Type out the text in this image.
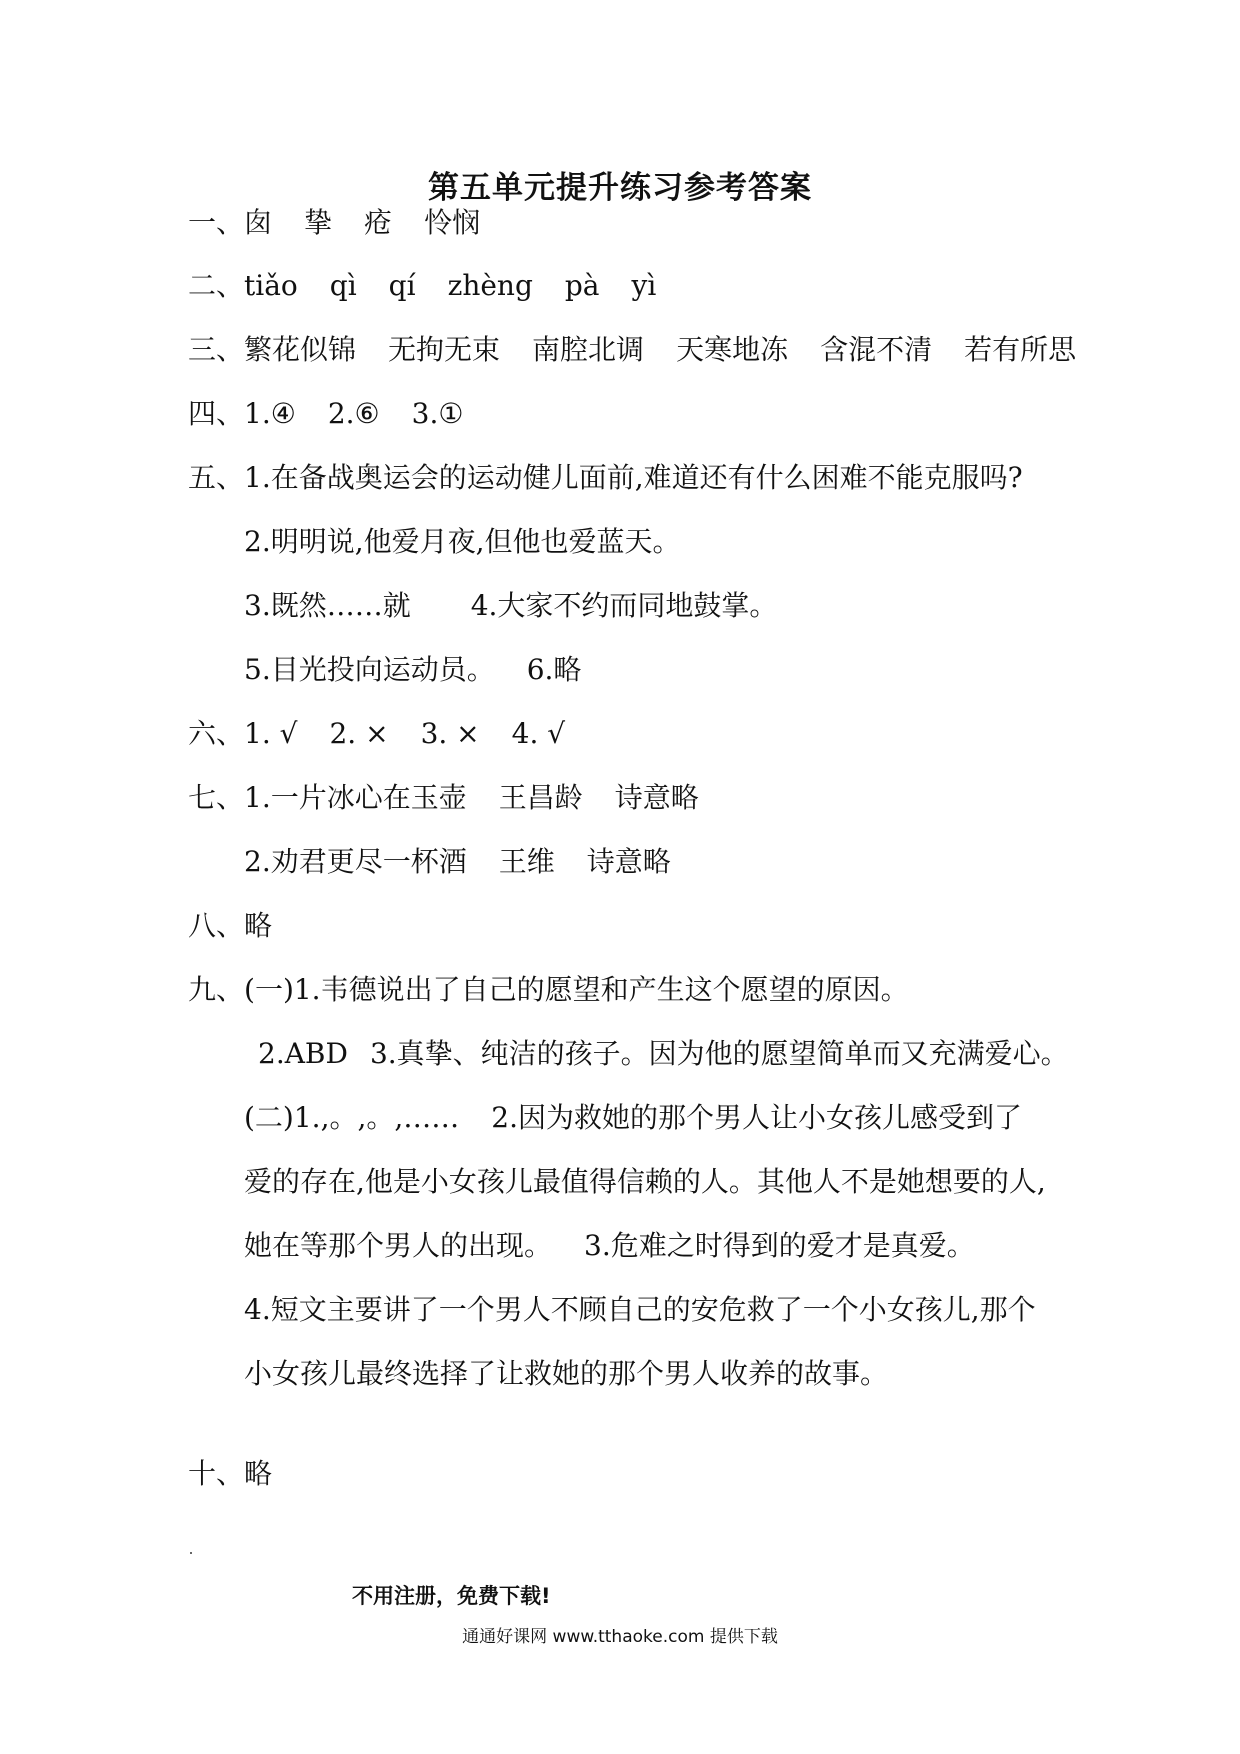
第五单元提升练习参考答案
一、囱 挚 疮 怜悯
二、tiǎo qì qí zhèng pà yì
三、繁花似锦 无拘无束 南腔北调 天寒地冻 含混不清 若有所思
四、1.④ 2.⑥ 3.①
五、1.在备战奥运会的运动健儿面前,难道还有什么困难不能克服吗?
2.明明说,他爱月夜,但他也爱蓝天。
3.既然……就 4.大家不约而同地鼓掌。
5.目光投向运动员。 6.略
六、1. √ 2. × 3. × 4. √
七、1.一片冰心在玉壶 王昌龄 诗意略
2.劝君更尽一杯酒 王维 诗意略
八、略
九、(一)1.韦德说出了自己的愿望和产生这个愿望的原因。
2.ABD 3.真挚、纯洁的孩子。因为他的愿望简单而又充满爱心。
(二)1.,。,。,…… 2.因为救她的那个男人让小女孩儿感受到了
爱的存在,他是小女孩儿最值得信赖的人。其他人不是她想要的人,
她在等那个男人的出现。 3.危难之时得到的爱才是真爱。
4.短文主要讲了一个男人不顾自己的安危救了一个小女孩儿,那个
小女孩儿最终选择了让救她的那个男人收养的故事。
十、略
不用注册，免费下载!
通通好课网 www.tthaoke.com 提供下载
